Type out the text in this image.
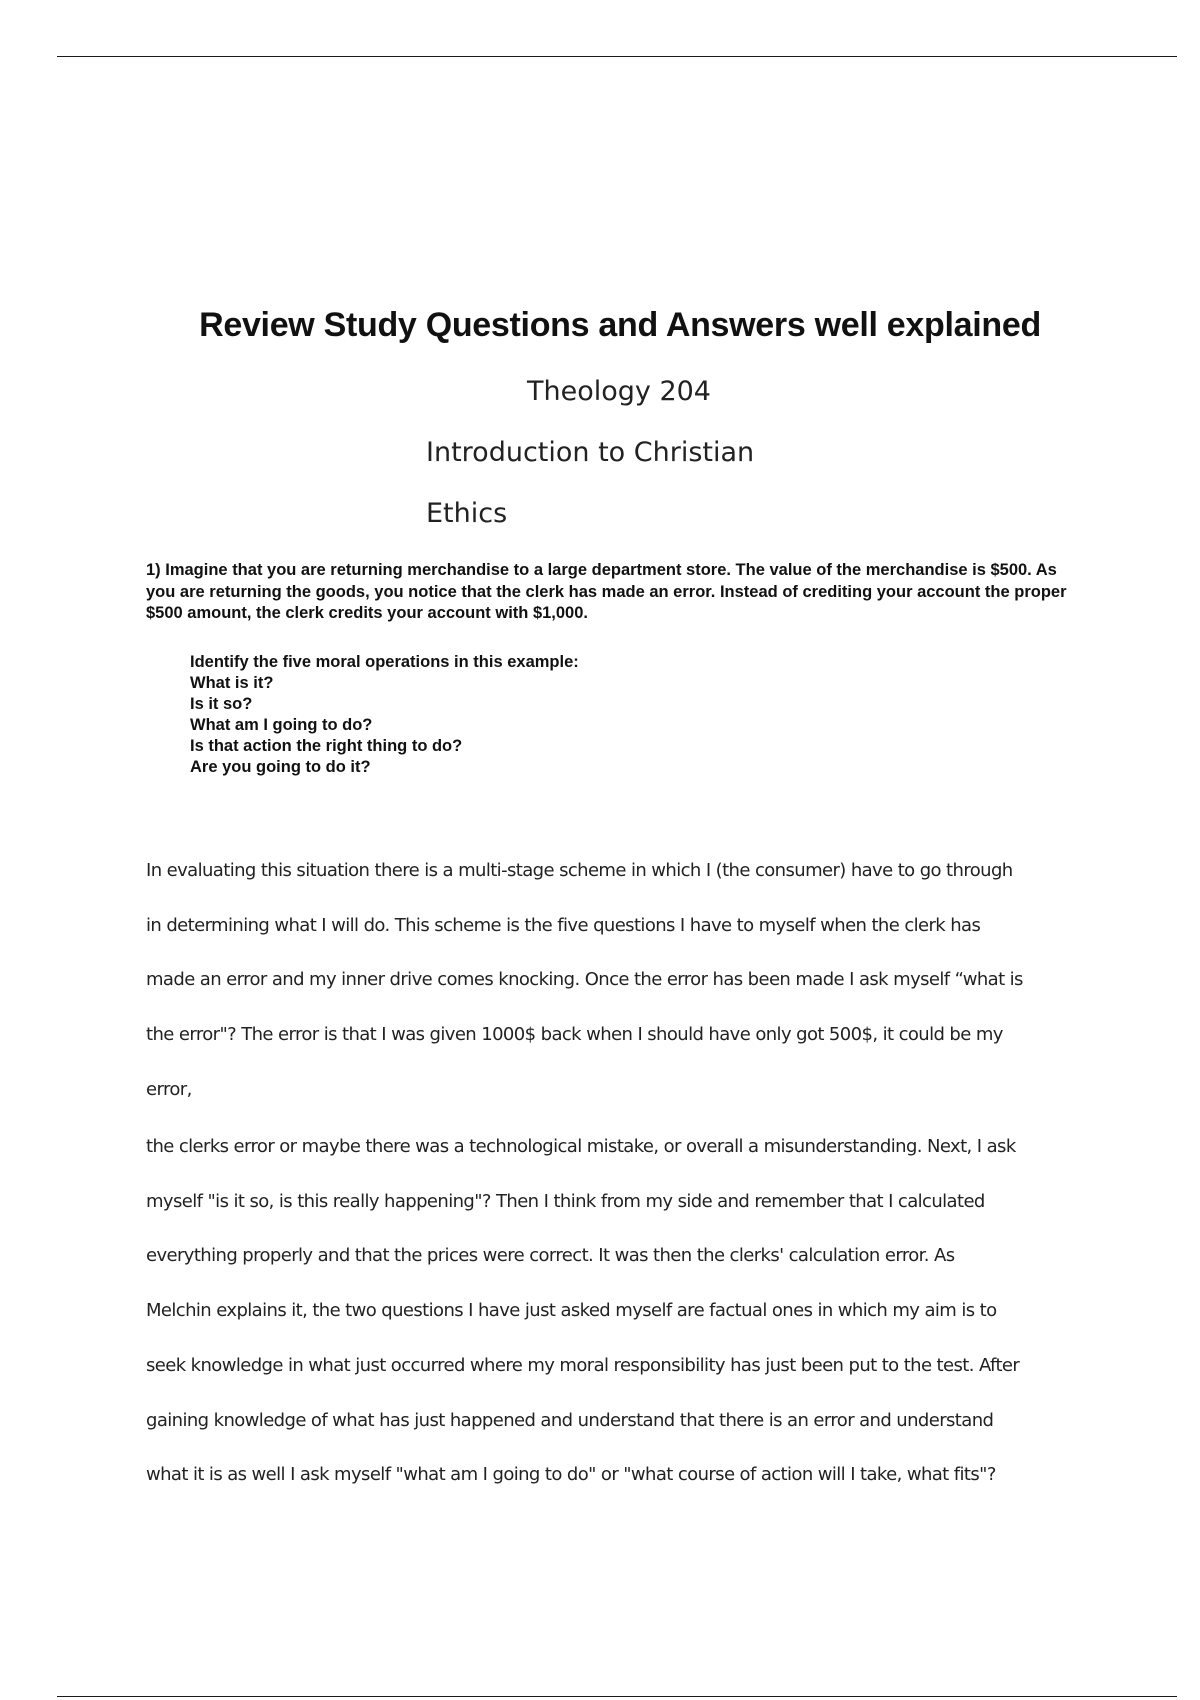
Review Study Questions and Answers well explained

Theology 204

Introduction to Christian

Ethics

1) Imagine that you are returning merchandise to a large department store. The value of the merchandise is $500. As you are returning the goods, you notice that the clerk has made an error. Instead of crediting your account the proper $500 amount, the clerk credits your account with $1,000.

Identify the five moral operations in this example:
What is it?
Is it so?
What am I going to do?
Is that action the right thing to do?
Are you going to do it?
In evaluating this situation there is a multi-stage scheme in which I (the consumer) have to go through
in determining what I will do. This scheme is the five questions I have to myself when the clerk has
made an error and my inner drive comes knocking. Once the error has been made I ask myself “what is
the error"? The error is that I was given 1000$ back when I should have only got 500$, it could be my
error,
the clerks error or maybe there was a technological mistake, or overall a misunderstanding. Next, I ask
myself "is it so, is this really happening"? Then I think from my side and remember that I calculated
everything properly and that the prices were correct. It was then the clerks' calculation error. As
Melchin explains it, the two questions I have just asked myself are factual ones in which my aim is to
seek knowledge in what just occurred where my moral responsibility has just been put to the test. After
gaining knowledge of what has just happened and understand that there is an error and understand
what it is as well I ask myself "what am I going to do" or "what course of action will I take, what fits"?
